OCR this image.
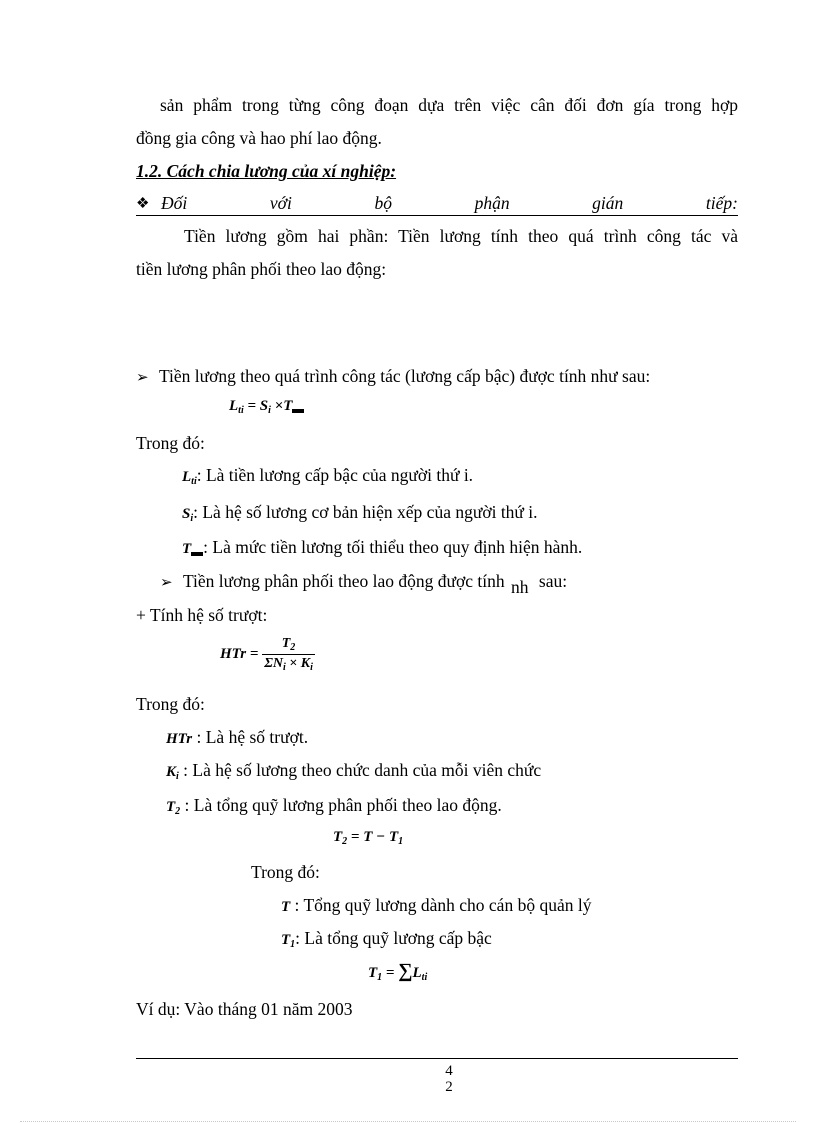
sản phẩm trong từng công đoạn dựa trên việc cân đối đơn gía trong hợp
đồng gia công và hao phí lao động.
1.2. Cách chia lương của xí nghiệp:
❖ Đối	với	bộ	phận	gián	tiếp:
Tiền lương gồm hai phần: Tiền lương tính theo quá trình công tác và
tiền lương phân phối theo lao động:
➢ Tiền lương theo quá trình công tác (lương cấp bậc) được tính như sau:
$L_{ti} = S_i \times T$
Trong đó:
$L_{ti}$: Là tiền lương cấp bậc của người thứ i.
$S_i$: Là hệ số lương cơ bản hiện xếp của người thứ i.
T : Là mức tiền lương tối thiểu theo quy định hiện hành.
➢ Tiền lương phân phối theo lao động được tính nh sau:
+ Tính hệ số trượt:
HTr = $\frac{T_2}{\Sigma N_i \times K_i}$
Trong đó:
HTr : Là hệ số trượt.
$K_i$ : Là hệ số lương theo chức danh của mỗi viên chức
$T_2$ : Là tổng quỹ lương phân phối theo lao động.
$T_2 = T - T_1$
Trong đó:
T : Tổng quỹ lương dành cho cán bộ quản lý
$T_1$: Là tổng quỹ lương cấp bậc
$T_1 = \sum L_{ti}$
Ví dụ: Vào tháng 01 năm 2003
4
2
